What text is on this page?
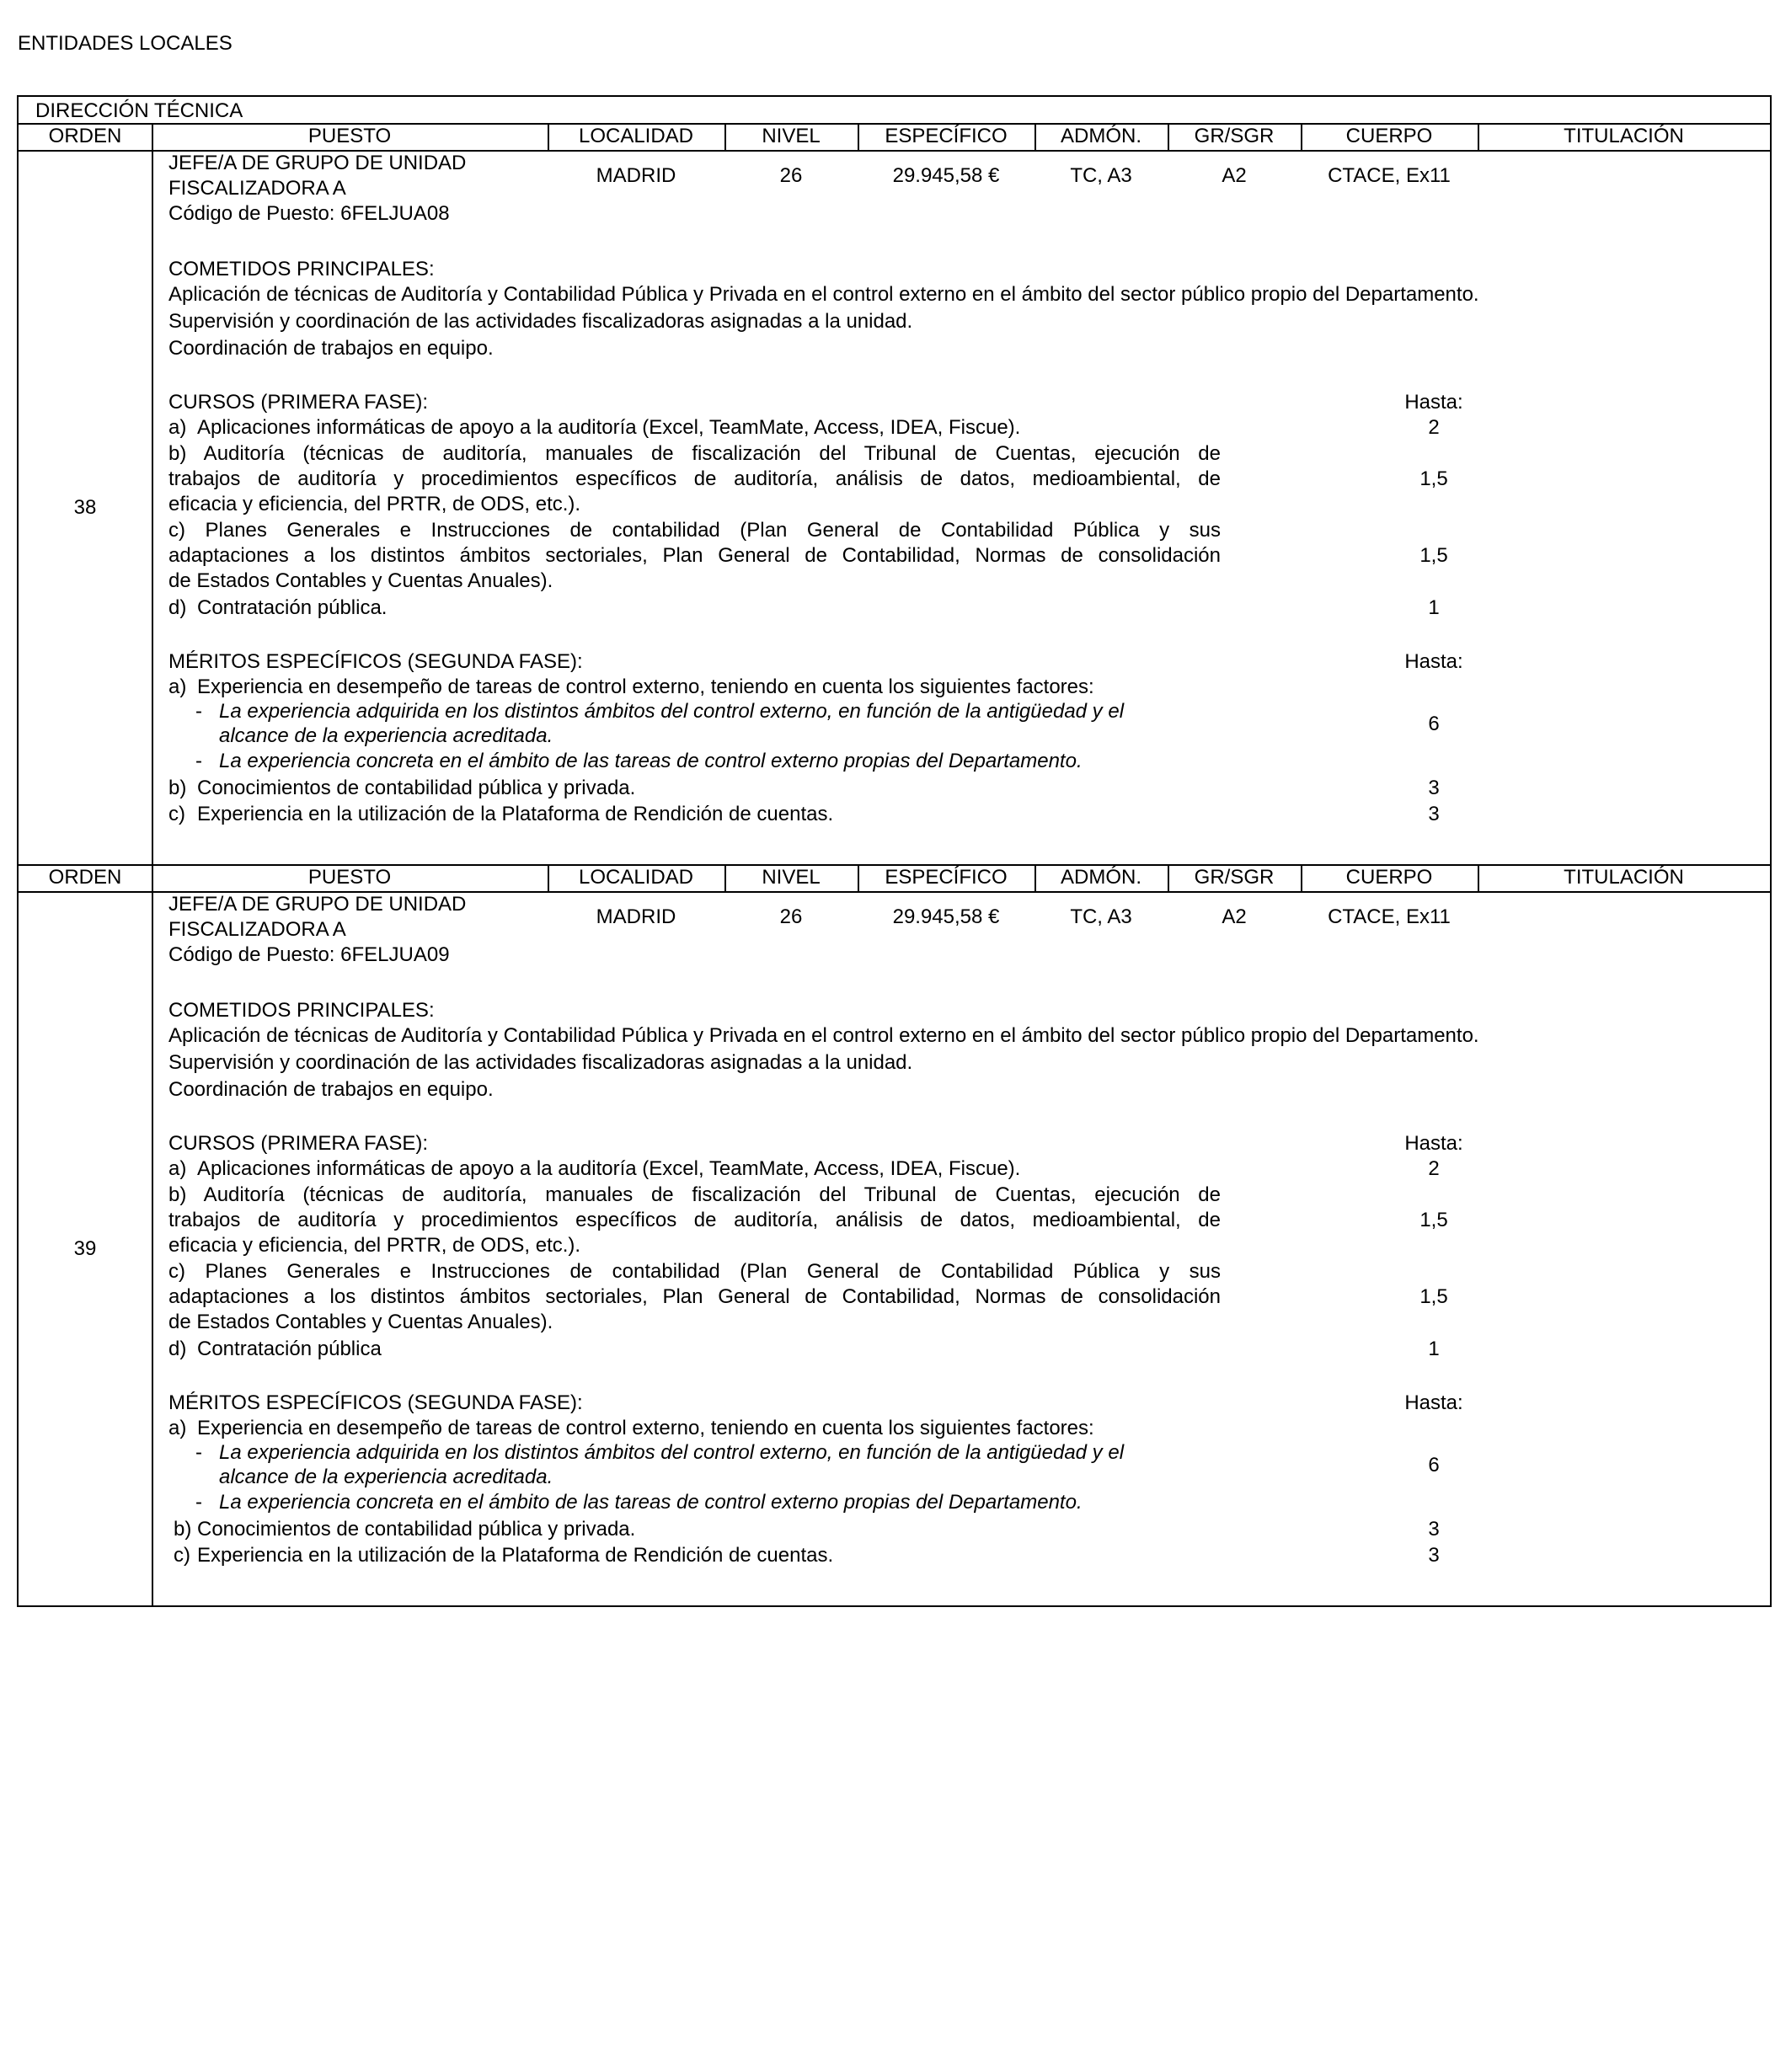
ENTIDADES LOCALES
DIRECCIÓN TÉCNICA
ORDEN	PUESTO	LOCALIDAD	NIVEL	ESPECÍFICO	ADMÓN.	GR/SGR	CUERPO	TITULACIÓN
38
JEFE/A DE GRUPO DE UNIDAD
FISCALIZADORA A
Código de Puesto: 6FELJUA08
MADRID	26	29.945,58 €	TC, A3	A2	CTACE, Ex11
COMETIDOS PRINCIPALES:
Aplicación de técnicas de Auditoría y Contabilidad Pública y Privada en el control externo en el ámbito del sector público propio del Departamento.
Supervisión y coordinación de las actividades fiscalizadoras asignadas a la unidad.
Coordinación de trabajos en equipo.
CURSOS (PRIMERA FASE):	Hasta:
a) Aplicaciones informáticas de apoyo a la auditoría (Excel, TeamMate, Access, IDEA, Fiscue).	2
b) Auditoría (técnicas de auditoría, manuales de fiscalización del Tribunal de Cuentas, ejecución de
trabajos de auditoría y procedimientos específicos de auditoría, análisis de datos, medioambiental, de
eficacia y eficiencia, del PRTR, de ODS, etc.).
1,5
c) Planes Generales e Instrucciones de contabilidad (Plan General de Contabilidad Pública y sus
adaptaciones a los distintos ámbitos sectoriales, Plan General de Contabilidad, Normas de consolidación
de Estados Contables y Cuentas Anuales).
1,5
d) Contratación pública.	1
MÉRITOS ESPECÍFICOS (SEGUNDA FASE):	Hasta:
a) Experiencia en desempeño de tareas de control externo, teniendo en cuenta los siguientes factores:
- La experiencia adquirida en los distintos ámbitos del control externo, en función de la antigüedad y el
alcance de la experiencia acreditada.
- La experiencia concreta en el ámbito de las tareas de control externo propias del Departamento.
6
b) Conocimientos de contabilidad pública y privada.	3
c) Experiencia en la utilización de la Plataforma de Rendición de cuentas.	3
ORDEN	PUESTO	LOCALIDAD	NIVEL	ESPECÍFICO	ADMÓN.	GR/SGR	CUERPO	TITULACIÓN
39
JEFE/A DE GRUPO DE UNIDAD
FISCALIZADORA A
Código de Puesto: 6FELJUA09
MADRID	26	29.945,58 €	TC, A3	A2	CTACE, Ex11
COMETIDOS PRINCIPALES:
Aplicación de técnicas de Auditoría y Contabilidad Pública y Privada en el control externo en el ámbito del sector público propio del Departamento.
Supervisión y coordinación de las actividades fiscalizadoras asignadas a la unidad.
Coordinación de trabajos en equipo.
CURSOS (PRIMERA FASE):	Hasta:
a) Aplicaciones informáticas de apoyo a la auditoría (Excel, TeamMate, Access, IDEA, Fiscue).	2
b) Auditoría (técnicas de auditoría, manuales de fiscalización del Tribunal de Cuentas, ejecución de
trabajos de auditoría y procedimientos específicos de auditoría, análisis de datos, medioambiental, de
eficacia y eficiencia, del PRTR, de ODS, etc.).
1,5
c) Planes Generales e Instrucciones de contabilidad (Plan General de Contabilidad Pública y sus
adaptaciones a los distintos ámbitos sectoriales, Plan General de Contabilidad, Normas de consolidación
de Estados Contables y Cuentas Anuales).
1,5
d) Contratación pública	1
MÉRITOS ESPECÍFICOS (SEGUNDA FASE):	Hasta:
a) Experiencia en desempeño de tareas de control externo, teniendo en cuenta los siguientes factores:
- La experiencia adquirida en los distintos ámbitos del control externo, en función de la antigüedad y el
alcance de la experiencia acreditada.
- La experiencia concreta en el ámbito de las tareas de control externo propias del Departamento.
6
b) Conocimientos de contabilidad pública y privada.	3
c) Experiencia en la utilización de la Plataforma de Rendición de cuentas.	3
